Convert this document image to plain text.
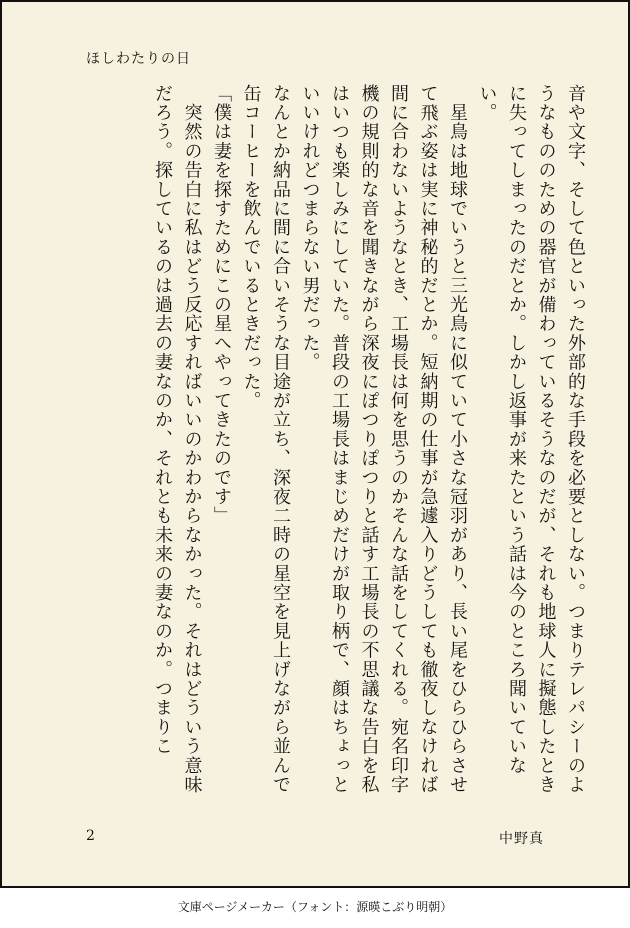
ほしわたりの日

音や文字、そして色といった外部的な手段を必要としない。つまりテレパシーのようなもののための器官が備わっているそうなのだが、それも地球人に擬態したときに失ってしまったのだとか。しかし返事が来たという話は今のところ聞いていない。

　星鳥は地球でいうと三光鳥に似ていて小さな冠羽があり、長い尾をひらひらさせて飛ぶ姿は実に神秘的だとか。短納期の仕事が急遽入りどうしても徹夜しなければ間に合わないようなとき、工場長は何を思うのかそんな話をしてくれる。宛名印字機の規則的な音を聞きながら深夜にぽつりぽつりと話す工場長の不思議な告白を私はいつも楽しみにしていた。普段の工場長はまじめだけが取り柄で、顔はちょっといいけれどつまらない男だった。

なんとか納品に間に合いそうな目途が立ち、深夜二時の星空を見上げながら並んで缶コーヒーを飲んでいるときだった。

「僕は妻を探すためにこの星へやってきたのです」

　突然の告白に私はどう反応すればいいのかわからなかった。それはどういう意味だろう。探しているのは過去の妻なのか、それとも未来の妻なのか。つまりこ

2	中野真
文庫ページメーカー（フォント：源暎こぶり明朝）
